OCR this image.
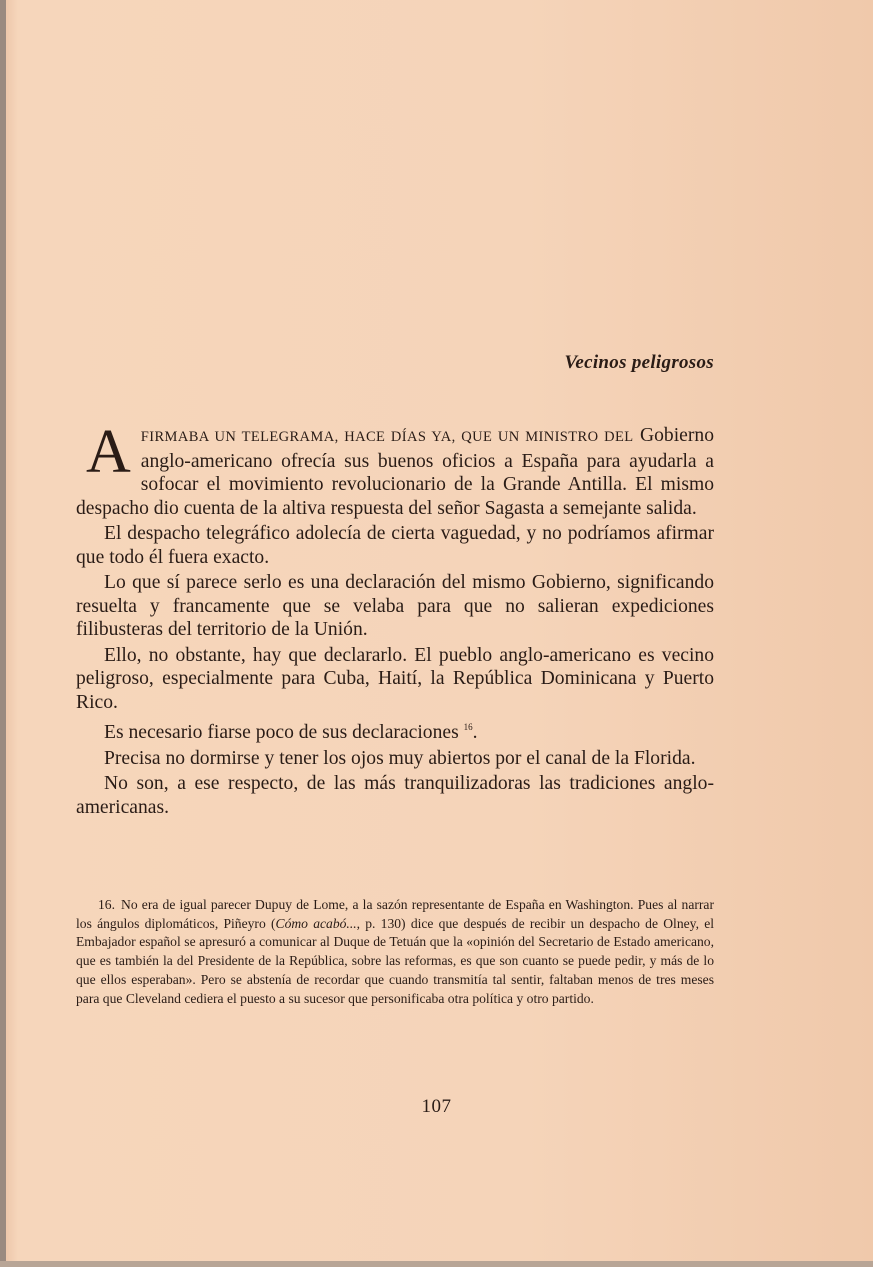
Vecinos peligrosos

AFIRMABA UN TELEGRAMA, HACE DÍAS YA, QUE UN MINISTRO DEL Gobierno anglo-americano ofrecía sus buenos oficios a España para ayudarla a sofocar el movimiento revolucionario de la Grande Antilla. El mismo despacho dio cuenta de la altiva respuesta del señor Sagasta a semejante salida.

El despacho telegráfico adolecía de cierta vaguedad, y no podríamos afirmar que todo él fuera exacto.

Lo que sí parece serlo es una declaración del mismo Gobierno, significando resuelta y francamente que se velaba para que no salieran expediciones filibusteras del territorio de la Unión.

Ello, no obstante, hay que declararlo. El pueblo anglo-americano es vecino peligroso, especialmente para Cuba, Haití, la República Dominicana y Puerto Rico.

Es necesario fiarse poco de sus declaraciones $^{16}$.

Precisa no dormirse y tener los ojos muy abiertos por el canal de la Florida.

No son, a ese respecto, de las más tranquilizadoras las tradiciones anglo-americanas.

16. No era de igual parecer Dupuy de Lome, a la sazón representante de España en Washington. Pues al narrar los ángulos diplomáticos, Piñeyro (Cómo acabó..., p. 130) dice que después de recibir un despacho de Olney, el Embajador español se apresuró a comunicar al Duque de Tetuán que la «opinión del Secretario de Estado americano, que es también la del Presidente de la República, sobre las reformas, es que son cuanto se puede pedir, y más de lo que ellos esperaban». Pero se abstenía de recordar que cuando transmitía tal sentir, faltaban menos de tres meses para que Cleveland cediera el puesto a su sucesor que personificaba otra política y otro partido.

107
